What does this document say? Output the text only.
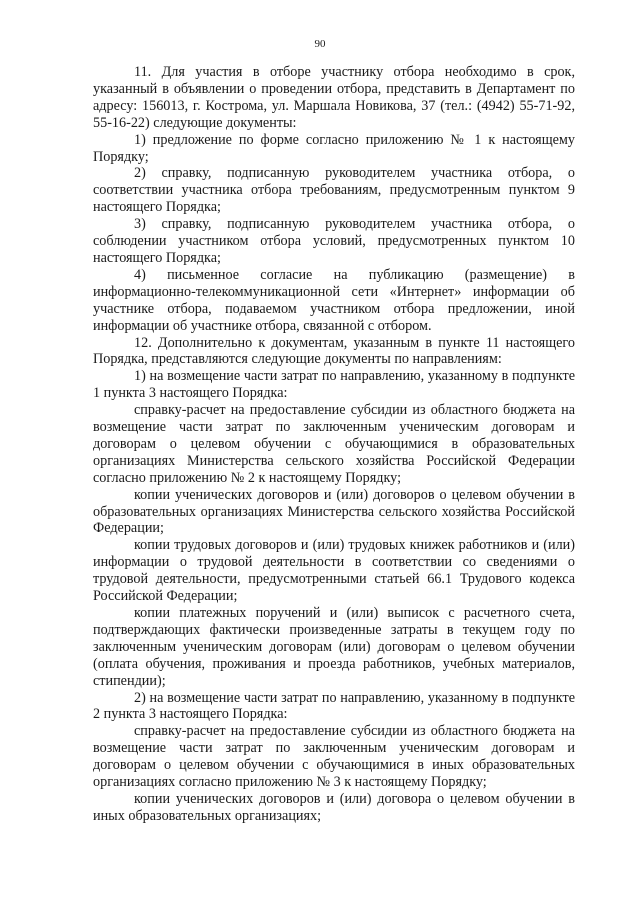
90

11. Для участия в отборе участнику отбора необходимо в срок, указанный в объявлении о проведении отбора, представить в Департамент по адресу: 156013, г. Кострома, ул. Маршала Новикова, 37 (тел.: (4942) 55-71-92, 55-16-22) следующие документы:

1) предложение по форме согласно приложению № 1 к настоящему Порядку;

2) справку, подписанную руководителем участника отбора, о соответствии участника отбора требованиям, предусмотренным пунктом 9 настоящего Порядка;

3) справку, подписанную руководителем участника отбора, о соблюдении участником отбора условий, предусмотренных пунктом 10 настоящего Порядка;

4) письменное согласие на публикацию (размещение) в информационно-телекоммуникационной сети «Интернет» информации об участнике отбора, подаваемом участником отбора предложении, иной информации об участнике отбора, связанной с отбором.

12. Дополнительно к документам, указанным в пункте 11 настоящего Порядка, представляются следующие документы по направлениям:

1) на возмещение части затрат по направлению, указанному в подпункте 1 пункта 3 настоящего Порядка:

справку-расчет на предоставление субсидии из областного бюджета на возмещение части затрат по заключенным ученическим договорам и договорам о целевом обучении с обучающимися в образовательных организациях Министерства сельского хозяйства Российской Федерации согласно приложению № 2 к настоящему Порядку;

копии ученических договоров и (или) договоров о целевом обучении в образовательных организациях Министерства сельского хозяйства Российской Федерации;

копии трудовых договоров и (или) трудовых книжек работников и (или) информации о трудовой деятельности в соответствии со сведениями о трудовой деятельности, предусмотренными статьей 66.1 Трудового кодекса Российской Федерации;

копии платежных поручений и (или) выписок с расчетного счета, подтверждающих фактически произведенные затраты в текущем году по заключенным ученическим договорам (или) договорам о целевом обучении (оплата обучения, проживания и проезда работников, учебных материалов, стипендии);

2) на возмещение части затрат по направлению, указанному в подпункте 2 пункта 3 настоящего Порядка:

справку-расчет на предоставление субсидии из областного бюджета на возмещение части затрат по заключенным ученическим договорам и договорам о целевом обучении с обучающимися в иных образовательных организациях согласно приложению № 3 к настоящему Порядку;

копии ученических договоров и (или) договора о целевом обучении в иных образовательных организациях;
